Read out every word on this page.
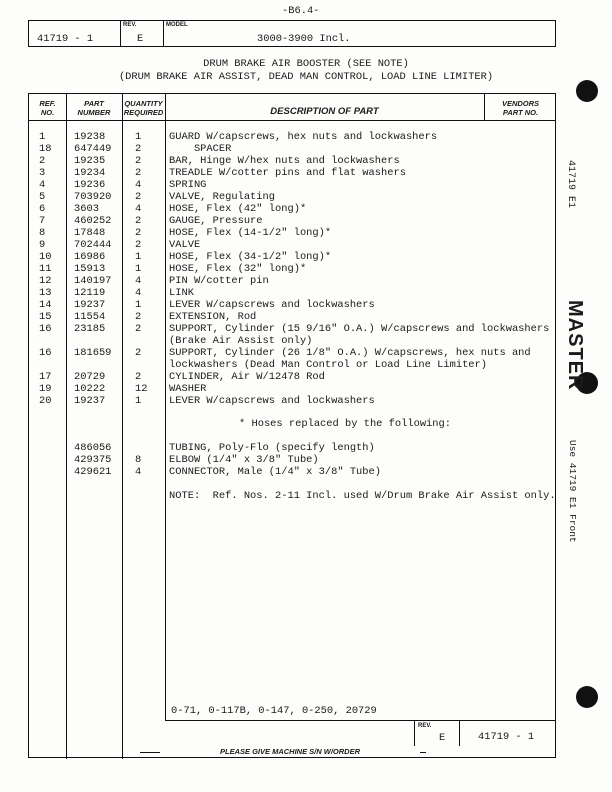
-B6.4-
41719 - 1
REV.
E
MODEL
3000-3900 Incl.
DRUM BRAKE AIR BOOSTER (SEE NOTE)
(DRUM BRAKE AIR ASSIST, DEAD MAN CONTROL, LOAD LINE LIMITER)
REF.
NO.
PART
NUMBER
QUANTITY
REQUIRED	DESCRIPTION OF PART
VENDORS
PART NO.
1	19238	1	GUARD W/capscrews, hex nuts and lockwashers
18 647449 2	SPACER
2	19235	2	BAR, Hinge W/hex nuts and lockwashers
3	19234	2	TREADLE W/cotter pins and flat washers
4	19236	4	SPRING
5	703920 2	VALVE, Regulating
6	3603	4	HOSE, Flex (42" long)*
7	460252 2	GAUGE, Pressure
8	17848	2	HOSE, Flex (14-1/2" long)*
9	702444 2	VALVE
10 16986	1	HOSE, Flex (34-1/2" long)*
11 15913	1	HOSE, Flex (32" long)*
12 140197 4	PIN W/cotter pin
13 12119	4	LINK
14 19237	1	LEVER W/capscrews and lockwashers
15 11554	2	EXTENSION, Rod
16 23185	2	SUPPORT, Cylinder (15 9/16" O.A.) W/capscrews and lockwashers
(Brake Air Assist only)
16 181659 2	SUPPORT, Cylinder (26 1/8" O.A.) W/capscrews, hex nuts and
lockwashers (Dead Man Control or Load Line Limiter)
17 20729	2	CYLINDER, Air W/12478 Rod
19 10222	12 WASHER
20 19237	1	LEVER W/capscrews and lockwashers
* Hoses replaced by the following:
486056	TUBING, Poly-Flo (specify length)
429375 8	ELBOW (1/4" x 3/8" Tube)
429621 4	CONNECTOR, Male (1/4" x 3/8" Tube)
NOTE:  Ref. Nos. 2-11 Incl. used W/Drum Brake Air Assist only.
0-71, 0-117B, 0-147, 0-250, 20729
REV.
E	41719 - 1
PLEASE GIVE MACHINE S/N W/ORDER
41719 E1
MASTER
Use 41719 E1 Front
